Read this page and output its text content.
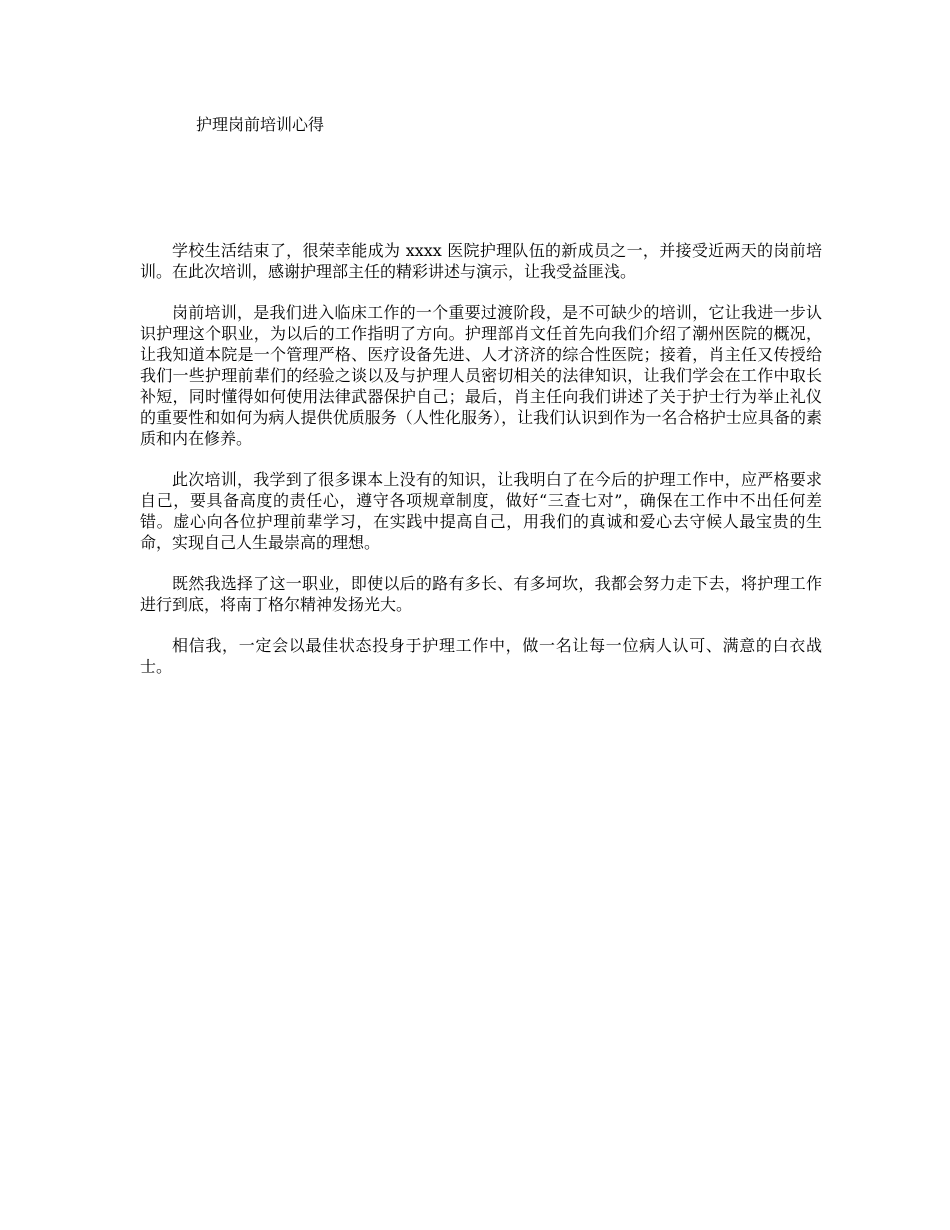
护理岗前培训心得

学校生活结束了，很荣幸能成为 xxxx 医院护理队伍的新成员之一，并接受近两天的岗前培训。在此次培训，感谢护理部主任的精彩讲述与演示，让我受益匪浅。

岗前培训，是我们进入临床工作的一个重要过渡阶段，是不可缺少的培训，它让我进一步认识护理这个职业，为以后的工作指明了方向。护理部肖文任首先向我们介绍了潮州医院的概况，让我知道本院是一个管理严格、医疗设备先进、人才济济的综合性医院；接着，肖主任又传授给我们一些护理前辈们的经验之谈以及与护理人员密切相关的法律知识，让我们学会在工作中取长补短，同时懂得如何使用法律武器保护自己；最后，肖主任向我们讲述了关于护士行为举止礼仪的重要性和如何为病人提供优质服务（人性化服务），让我们认识到作为一名合格护士应具备的素质和内在修养。

此次培训，我学到了很多课本上没有的知识，让我明白了在今后的护理工作中，应严格要求自己，要具备高度的责任心，遵守各项规章制度，做好“三查七对”，确保在工作中不出任何差错。虚心向各位护理前辈学习，在实践中提高自己，用我们的真诚和爱心去守候人最宝贵的生命，实现自己人生最崇高的理想。

既然我选择了这一职业，即使以后的路有多长、有多坷坎，我都会努力走下去，将护理工作进行到底，将南丁格尔精神发扬光大。

相信我，一定会以最佳状态投身于护理工作中，做一名让每一位病人认可、满意的白衣战士。
